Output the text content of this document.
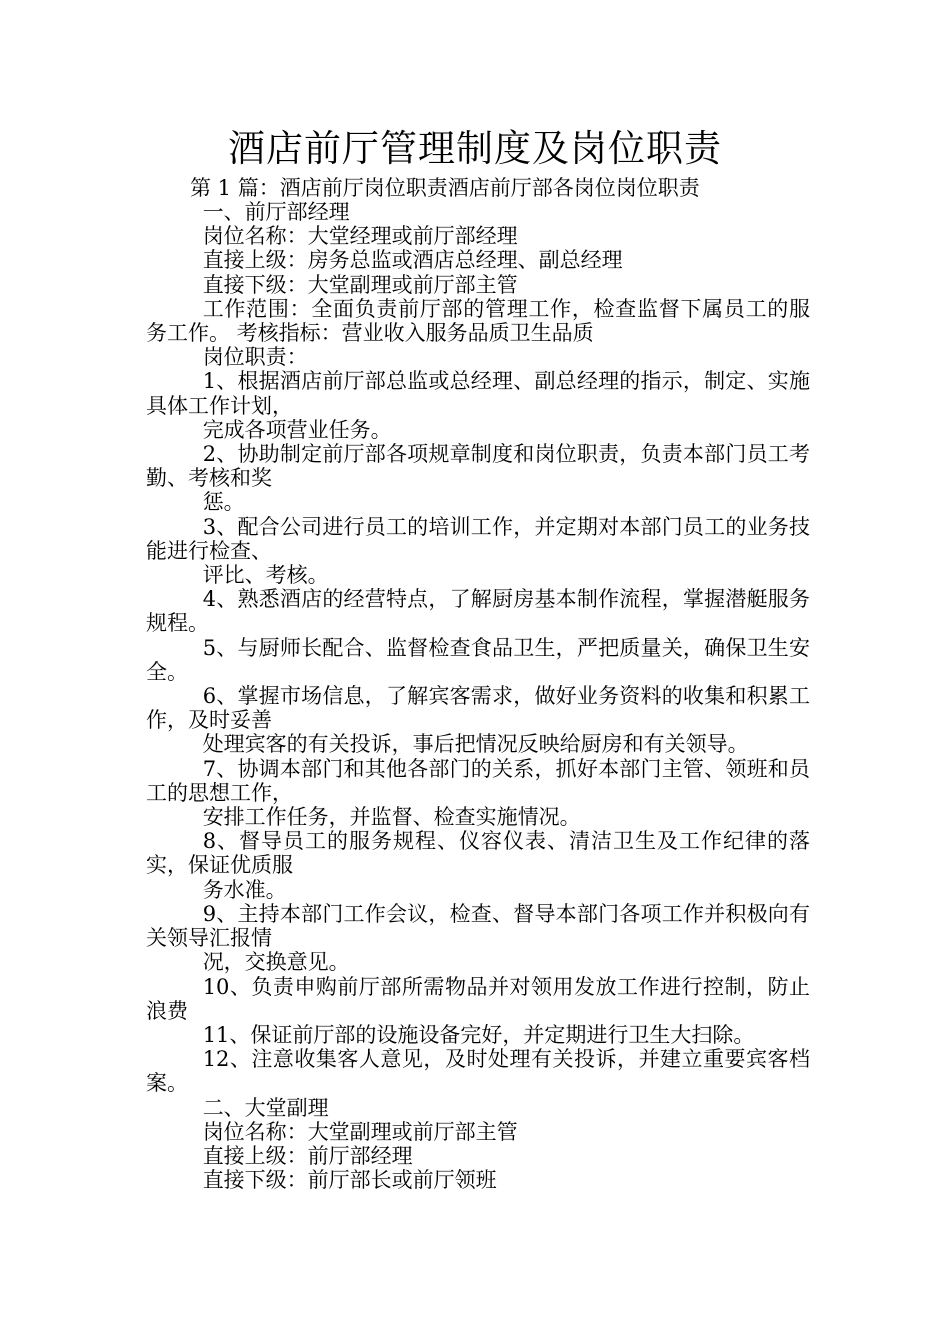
酒店前厅管理制度及岗位职责
第 1 篇：酒店前厅岗位职责酒店前厅部各岗位岗位职责

一、前厅部经理

岗位名称：大堂经理或前厅部经理

直接上级：房务总监或酒店总经理、副总经理

直接下级：大堂副理或前厅部主管

工作范围：全面负责前厅部的管理工作，检查监督下属员工的服务工作。 考核指标：营业收入服务品质卫生品质

岗位职责：

1、根据酒店前厅部总监或总经理、副总经理的指示，制定、实施具体工作计划，

完成各项营业任务。

2、协助制定前厅部各项规章制度和岗位职责，负责本部门员工考勤、考核和奖

惩。

3、配合公司进行员工的培训工作，并定期对本部门员工的业务技能进行检查、

评比、考核。

4、熟悉酒店的经营特点，了解厨房基本制作流程，掌握潜艇服务规程。

5、与厨师长配合、监督检查食品卫生，严把质量关，确保卫生安全。

6、掌握市场信息，了解宾客需求，做好业务资料的收集和积累工作，及时妥善

处理宾客的有关投诉，事后把情况反映给厨房和有关领导。

7、协调本部门和其他各部门的关系，抓好本部门主管、领班和员工的思想工作，

安排工作任务，并监督、检查实施情况。

8、督导员工的服务规程、仪容仪表、清洁卫生及工作纪律的落实，保证优质服

务水准。

9、主持本部门工作会议，检查、督导本部门各项工作并积极向有关领导汇报情

况，交换意见。

10、负责申购前厅部所需物品并对领用发放工作进行控制，防止浪费

11、保证前厅部的设施设备完好，并定期进行卫生大扫除。

12、注意收集客人意见，及时处理有关投诉，并建立重要宾客档案。

二、大堂副理

岗位名称：大堂副理或前厅部主管

直接上级：前厅部经理

直接下级：前厅部长或前厅领班
